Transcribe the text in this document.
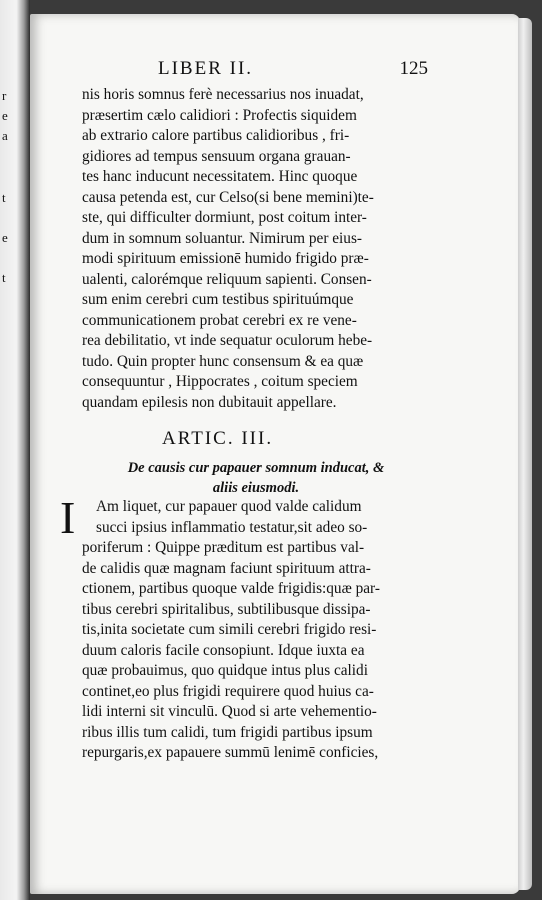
r
e
a
t
e
t
LIBER II.	125
nis horis somnus ferè necessarius nos inuadat,
præsertim cælo calidiori : Profectis siquidem
ab extrario calore partibus calidioribus , fri-
gidiores ad tempus sensuum organa grauan-
tes hanc inducunt necessitatem. Hinc quoque
causa petenda est, cur Celso(si bene memini)te-
ste, qui difficulter dormiunt, post coitum inter-
dum in somnum soluantur. Nimirum per eius-
modi spirituum emissionē humido frigido præ-
ualenti, calorémque reliquum sapienti. Consen-
sum enim cerebri cum testibus spirituúmque
communicationem probat cerebri ex re vene-
rea debilitatio, vt inde sequatur oculorum hebe-
tudo. Quin propter hunc consensum & ea quæ
consequuntur , Hippocrates , coitum speciem
quandam epilesis non dubitauit appellare.
ARTIC. III.
De causis cur papauer somnum inducat, &
aliis eiusmodi.
I	Am liquet, cur papauer quod valde calidum
succi ipsius inflammatio testatur,sit adeo so-
poriferum : Quippe præditum est partibus val-
de calidis quæ magnam faciunt spirituum attra-
ctionem, partibus quoque valde frigidis:quæ par-
tibus cerebri spiritalibus, subtilibusque dissipa-
tis,inita societate cum simili cerebri frigido resi-
duum caloris facile consopiunt. Idque iuxta ea
quæ probauimus, quo quidque intus plus calidi
continet,eo plus frigidi requirere quod huius ca-
lidi interni sit vinculū. Quod si arte vehementio-
ribus illis tum calidi, tum frigidi partibus ipsum
repurgaris,ex papauere summū lenimē conficies,
